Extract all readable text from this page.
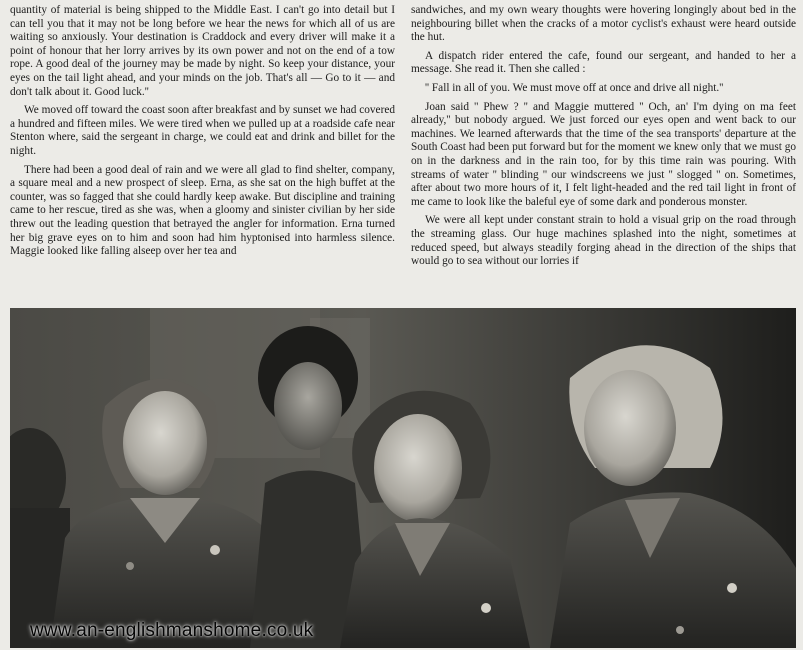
quantity of material is being shipped to the Middle East. I can't go into detail but I can tell you that it may not be long before we hear the news for which all of us are waiting so anxiously. Your destination is Craddock and every driver will make it a point of honour that her lorry arrives by its own power and not on the end of a tow rope. A good deal of the journey may be made by night. So keep your distance, your eyes on the tail light ahead, and your minds on the job. That's all — Go to it — and don't talk about it. Good luck.''

We moved off toward the coast soon after breakfast and by sunset we had covered a hundred and fifteen miles. We were tired when we pulled up at a roadside cafe near Stenton where, said the sergeant in charge, we could eat and drink and billet for the night.

There had been a good deal of rain and we were all glad to find shelter, company, a square meal and a new prospect of sleep. Erna, as she sat on the high buffet at the counter, was so fagged that she could hardly keep awake. But discipline and training came to her rescue, tired as she was, when a gloomy and sinister civilian by her side threw out the leading question that betrayed the angler for information. Erna turned her big grave eyes on to him and soon had him hyptonised into harmless silence. Maggie looked like falling alseep over her tea and

sandwiches, and my own weary thoughts were hovering longingly about bed in the neighbouring billet when the cracks of a motor cyclist's exhaust were heard outside the hut.

A dispatch rider entered the cafe, found our sergeant, and handed to her a message. She read it. Then she called :

'' Fall in all of you. We must move off at once and drive all night.''

Joan said '' Phew ? '' and Maggie muttered '' Och, an' I'm dying on ma feet already,'' but nobody argued. We just forced our eyes open and went back to our machines. We learned afterwards that the time of the sea transports' departure at the South Coast had been put forward but for the moment we knew only that we must go on in the darkness and in the rain too, for by this time rain was pouring. With streams of water '' blinding '' our windscreens we just '' slogged '' on. Sometimes, after about two more hours of it, I felt light-headed and the red tail light in front of me came to look like the baleful eye of some dark and ponderous monster.

We were all kept under constant strain to hold a visual grip on the road through the streaming glass. Our huge machines splashed into the night, sometimes at reduced speed, but always steadily forging ahead in the direction of the ships that would go to sea without our lorries if

www.an-englishmanshome.co.uk
